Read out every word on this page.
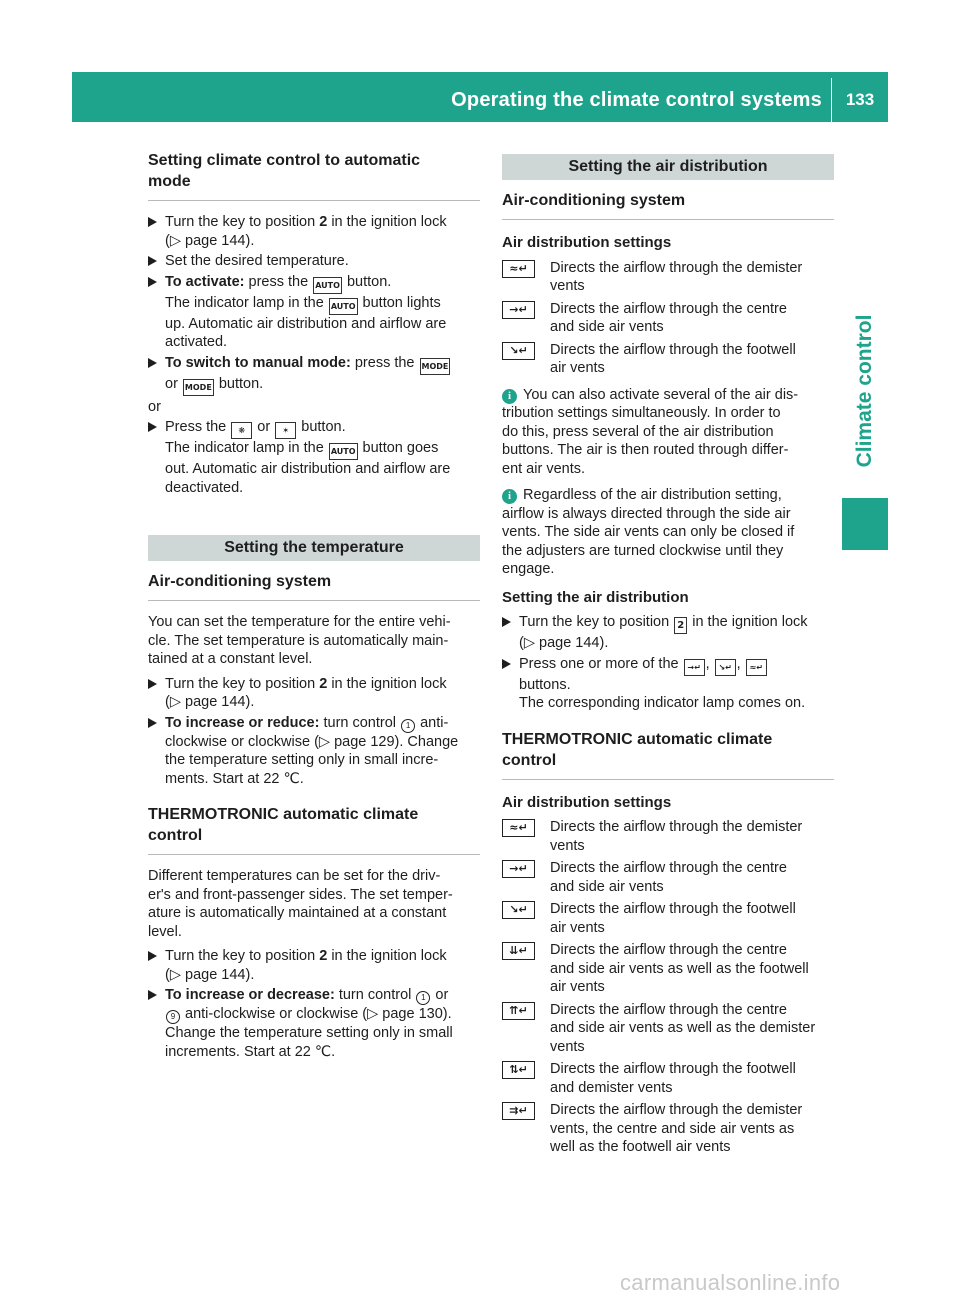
Operating the climate control systems	133
Climate control

Setting climate control to automatic
mode

Turn the key to position 2 in the ignition lock
(▷ page 144).
Set the desired temperature.
To activate: press the AUTO button.
The indicator lamp in the AUTO button lights
up. Automatic air distribution and airflow are
activated.
To switch to manual mode: press the MODE
or MODE button.
or
Press the ❋ or ✶ button.
The indicator lamp in the AUTO button goes
out. Automatic air distribution and airflow are
deactivated.
Setting the temperature

Air-conditioning system

You can set the temperature for the entire vehi-
cle. The set temperature is automatically main-
tained at a constant level.
Turn the key to position 2 in the ignition lock
(▷ page 144).
To increase or reduce: turn control 1 anti-
clockwise or clockwise (▷ page 129). Change
the temperature setting only in small incre-
ments. Start at 22 ℃.

THERMOTRONIC automatic climate
control

Different temperatures can be set for the driv-
er's and front-passenger sides. The set temper-
ature is automatically maintained at a constant
level.
Turn the key to position 2 in the ignition lock
(▷ page 144).
To increase or decrease: turn control 1 or
9 anti-clockwise or clockwise (▷ page 130).
Change the temperature setting only in small
increments. Start at 22 ℃.
Setting the air distribution

Air-conditioning system

Air distribution settings

≈↵	Directs the airflow through the demister
vents
→↵	Directs the airflow through the centre
and side air vents
↘↵	Directs the airflow through the footwell
air vents
i You can also activate several of the air dis-
tribution settings simultaneously. In order to
do this, press several of the air distribution
buttons. The air is then routed through differ-
ent air vents.
i Regardless of the air distribution setting,
airflow is always directed through the side air
vents. The side air vents can only be closed if
the adjusters are turned clockwise until they
engage.

Setting the air distribution

Turn the key to position 2 in the ignition lock
(▷ page 144).
Press one or more of the →↵ , ↘↵ , ≈↵
buttons.
The corresponding indicator lamp comes on.

THERMOTRONIC automatic climate
control

Air distribution settings

≈↵	Directs the airflow through the demister
vents
→↵	Directs the airflow through the centre
and side air vents
↘↵	Directs the airflow through the footwell
air vents
⇊↵	Directs the airflow through the centre
and side air vents as well as the footwell
air vents
⇈↵	Directs the airflow through the centre
and side air vents as well as the demister
vents
⇅↵	Directs the airflow through the footwell
and demister vents
⇉↵	Directs the airflow through the demister
vents, the centre and side air vents as
well as the footwell air vents
carmanualsonline.info
